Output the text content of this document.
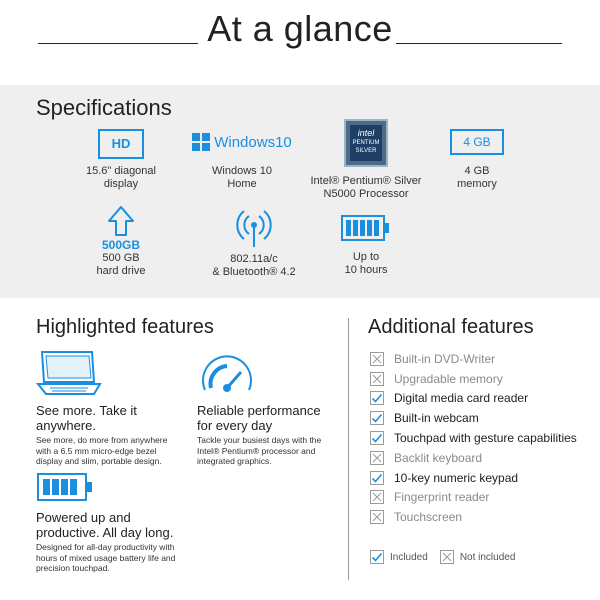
At a glance
Specifications
HD
15.6" diagonal
display
Windows10
Windows 10
Home
intel
PENTIUM
SILVER
Intel® Pentium® Silver
N5000 Processor
4 GB
4 GB
memory
500GB
500 GB
hard drive
802.11a/c
& Bluetooth® 4.2
Up to
10 hours
Highlighted features
See more. Take it anywhere.
See more, do more from anywhere with a 6.5 mm micro-edge bezel display and slim, portable design.
Reliable performance for every day
Tackle your busiest days with the Intel® Pentium® processor and integrated graphics.
Powered up and productive. All day long.
Designed for all-day productivity with hours of mixed usage battery life and precision touchpad.
Additional features
Built-in DVD-Writer
Upgradable memory
Digital media card reader
Built-in webcam
Touchpad with gesture capabilities
Backlit keyboard
10-key numeric keypad
Fingerprint reader
Touchscreen
Included	Not included
